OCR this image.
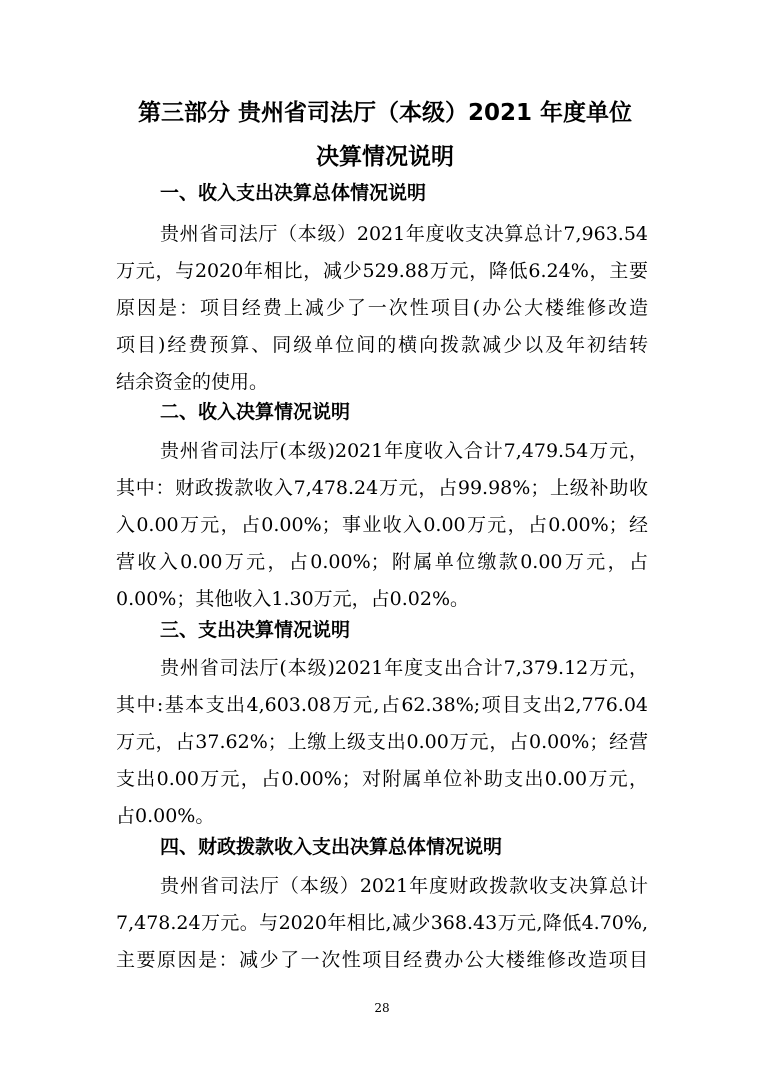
第三部分 贵州省司法厅（本级）2021 年度单位
决算情况说明
一、收入支出决算总体情况说明
贵州省司法厅（本级）2021年度收支决算总计7,963.54
万元，与2020年相比，减少529.88万元，降低6.24%，主要
原因是：项目经费上减少了一次性项目(办公大楼维修改造
项目)经费预算、同级单位间的横向拨款减少以及年初结转
结余资金的使用。
二、收入决算情况说明
贵州省司法厅(本级)2021年度收入合计7,479.54万元，
其中：财政拨款收入7,478.24万元，占99.98%；上级补助收
入0.00万元，占0.00%；事业收入0.00万元，占0.00%；经
营收入0.00万元，占0.00%；附属单位缴款0.00万元，占
0.00%；其他收入1.30万元，占0.02%。
三、支出决算情况说明
贵州省司法厅(本级)2021年度支出合计7,379.12万元，
其中:基本支出4,603.08万元,占62.38%;项目支出2,776.04
万元，占37.62%；上缴上级支出0.00万元，占0.00%；经营
支出0.00万元，占0.00%；对附属单位补助支出0.00万元，
占0.00%。
四、财政拨款收入支出决算总体情况说明
贵州省司法厅（本级）2021年度财政拨款收支决算总计
7,478.24万元。与2020年相比,减少368.43万元,降低4.70%,
主要原因是：减少了一次性项目经费办公大楼维修改造项目
28
